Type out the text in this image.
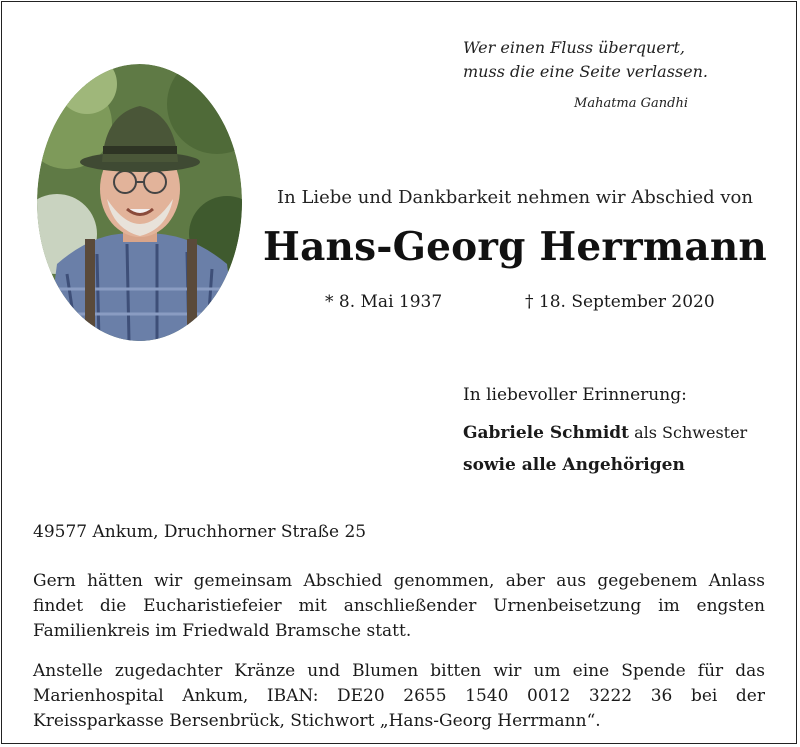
Wer einen Fluss überquert,
muss die eine Seite verlassen.
Mahatma Gandhi
In Liebe und Dankbarkeit nehmen wir Abschied von
Hans-Georg Herrmann
* 8. Mai 1937	† 18. September 2020
In liebevoller Erinnerung:
Gabriele Schmidt als Schwester
sowie alle Angehörigen
49577 Ankum, Druchhorner Straße 25
Gern hätten wir gemeinsam Abschied genommen, aber aus gegebenem Anlass findet die Eucharistiefeier mit anschließender Urnenbeisetzung im engsten Familienkreis im Friedwald Bramsche statt.
Anstelle zugedachter Kränze und Blumen bitten wir um eine Spende für das Marienhospital Ankum, IBAN: DE20 2655 1540 0012 3222 36 bei der Kreissparkasse Bersenbrück, Stichwort „Hans-Georg Herrmann“.
